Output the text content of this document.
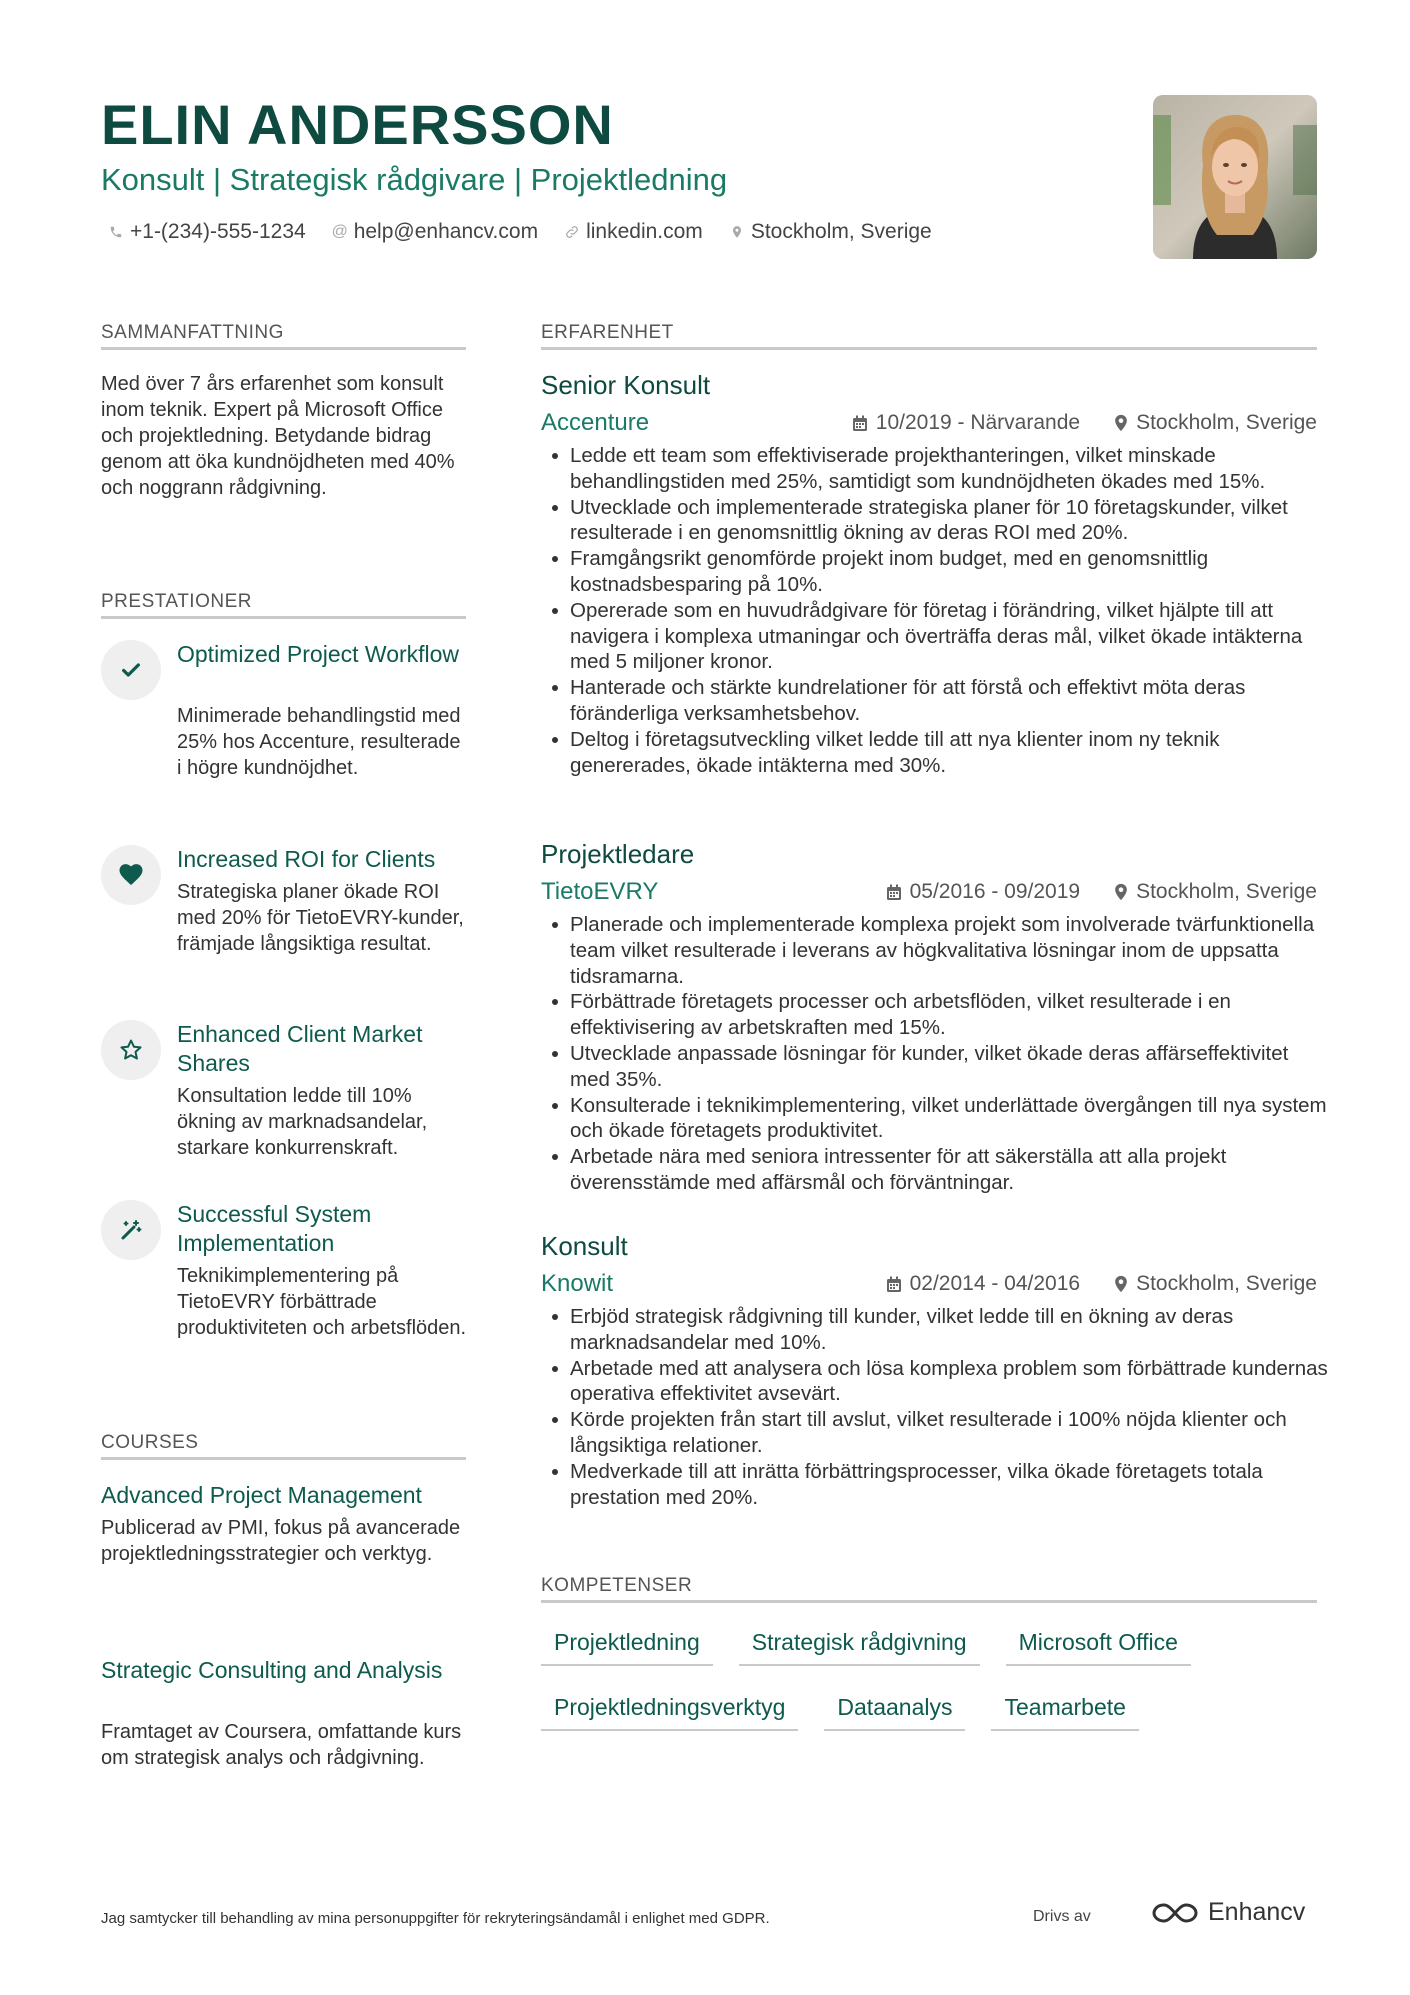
ELIN ANDERSSON
Konsult | Strategisk rådgivare | Projektledning
+1-(234)-555-1234 @ help@enhancv.com linkedin.com Stockholm, Sverige
SAMMANFATTNING
Med över 7 års erfarenhet som konsult inom teknik. Expert på Microsoft Office och projektledning. Betydande bidrag genom att öka kundnöjdheten med 40% och noggrann rådgivning.
PRESTATIONER
Optimized Project Workflow
Minimerade behandlingstid med 25% hos Accenture, resulterade i högre kundnöjdhet.
Increased ROI for Clients
Strategiska planer ökade ROI med 20% för TietoEVRY-kunder, främjade långsiktiga resultat.
Enhanced Client Market Shares
Konsultation ledde till 10% ökning av marknadsandelar, starkare konkurrenskraft.
Successful System Implementation
Teknikimplementering på TietoEVRY förbättrade produktiviteten och arbetsflöden.
COURSES
Advanced Project Management
Publicerad av PMI, fokus på avancerade projektledningsstrategier och verktyg.
Strategic Consulting and Analysis
Framtaget av Coursera, omfattande kurs om strategisk analys och rådgivning.
ERFARENHET
Senior Konsult
Accenture	10/2019 - Närvarande	Stockholm, Sverige
Ledde ett team som effektiviserade projekthanteringen, vilket minskade behandlingstiden med 25%, samtidigt som kundnöjdheten ökades med 15%.
Utvecklade och implementerade strategiska planer för 10 företagskunder, vilket resulterade i en genomsnittlig ökning av deras ROI med 20%.
Framgångsrikt genomförde projekt inom budget, med en genomsnittlig kostnadsbesparing på 10%.
Opererade som en huvudrådgivare för företag i förändring, vilket hjälpte till att navigera i komplexa utmaningar och överträffa deras mål, vilket ökade intäkterna med 5 miljoner kronor.
Hanterade och stärkte kundrelationer för att förstå och effektivt möta deras föränderliga verksamhetsbehov.
Deltog i företagsutveckling vilket ledde till att nya klienter inom ny teknik genererades, ökade intäkterna med 30%.
Projektledare
TietoEVRY	05/2016 - 09/2019	Stockholm, Sverige
Planerade och implementerade komplexa projekt som involverade tvärfunktionella team vilket resulterade i leverans av högkvalitativa lösningar inom de uppsatta tidsramarna.
Förbättrade företagets processer och arbetsflöden, vilket resulterade i en effektivisering av arbetskraften med 15%.
Utvecklade anpassade lösningar för kunder, vilket ökade deras affärseffektivitet med 35%.
Konsulterade i teknikimplementering, vilket underlättade övergången till nya system och ökade företagets produktivitet.
Arbetade nära med seniora intressenter för att säkerställa att alla projekt överensstämde med affärsmål och förväntningar.
Konsult
Knowit	02/2014 - 04/2016	Stockholm, Sverige
Erbjöd strategisk rådgivning till kunder, vilket ledde till en ökning av deras marknadsandelar med 10%.
Arbetade med att analysera och lösa komplexa problem som förbättrade kundernas operativa effektivitet avsevärt.
Körde projekten från start till avslut, vilket resulterade i 100% nöjda klienter och långsiktiga relationer.
Medverkade till att inrätta förbättringsprocesser, vilka ökade företagets totala prestation med 20%.
KOMPETENSER
Projektledning	Strategisk rådgivning	Microsoft Office
Projektledningsverktyg	Dataanalys	Teamarbete
Jag samtycker till behandling av mina personuppgifter för rekryteringsändamål i enlighet med GDPR.	Drivs av	Enhancv
